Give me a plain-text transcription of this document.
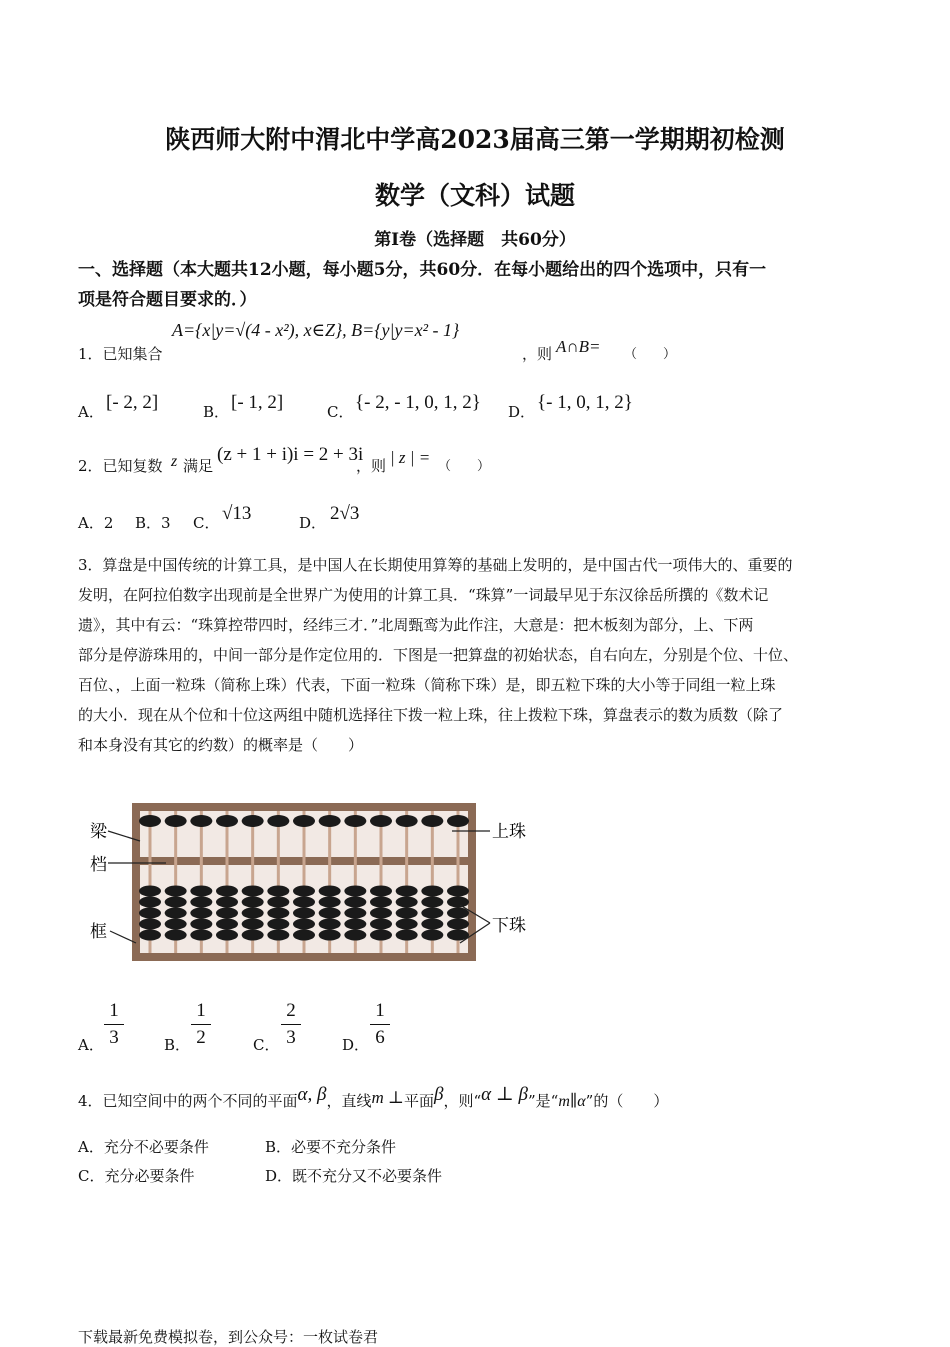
陕西师大附中渭北中学高2023届高三第一学期期初检测
数学（文科）试题
第Ⅰ卷（选择题　共60分）
一、选择题（本大题共12小题，每小题5分，共60分．在每小题给出的四个选项中，只有一
项是符合题目要求的．）
1．已知集合
A={x|y=√(4 - x²), x∈Z}, B={y|y=x² - 1}
，则 A∩B= （　　）
A． [- 2, 2]	B． [- 1, 2]	C． {- 2, - 1, 0, 1, 2} D． {- 1, 0, 1, 2}
2．已知复数 z 满足
(z + 1 + i)i = 2 + 3i
，则 | z | = （　　）
A．2 B．3 C． √13	D． 2√3
3．算盘是中国传统的计算工具，是中国人在长期使用算筹的基础上发明的，是中国古代一项伟大的、重要的
发明，在阿拉伯数字出现前是全世界广为使用的计算工具．“珠算”一词最早见于东汉徐岳所撰的《数术记
遗》，其中有云：“珠算控带四时，经纬三才．”北周甄鸾为此作注，大意是：把木板刻为部分，上、下两
部分是停游珠用的，中间一部分是作定位用的．下图是一把算盘的初始状态，自右向左，分别是个位、十位、
百位、，上面一粒珠（简称上珠）代表，下面一粒珠（简称下珠）是，即五粒下珠的大小等于同组一粒上珠
的大小．现在从个位和十位这两组中随机选择往下拨一粒上珠，往上拨粒下珠，算盘表示的数为质数（除了
和本身没有其它的约数）的概率是（　　）
梁
档
框
上珠
下珠
A．
1
3	B．
1
2	C．
2
3	D．
1
6
4．已知空间中的两个不同的平面α, β，直线m ⊥平面β，则“α ⊥ β”是“m∥α”的（　　）
A．充分不必要条件	B．必要不充分条件
C．充分必要条件	D．既不充分又不必要条件
下载最新免费模拟卷，到公众号：一枚试卷君
